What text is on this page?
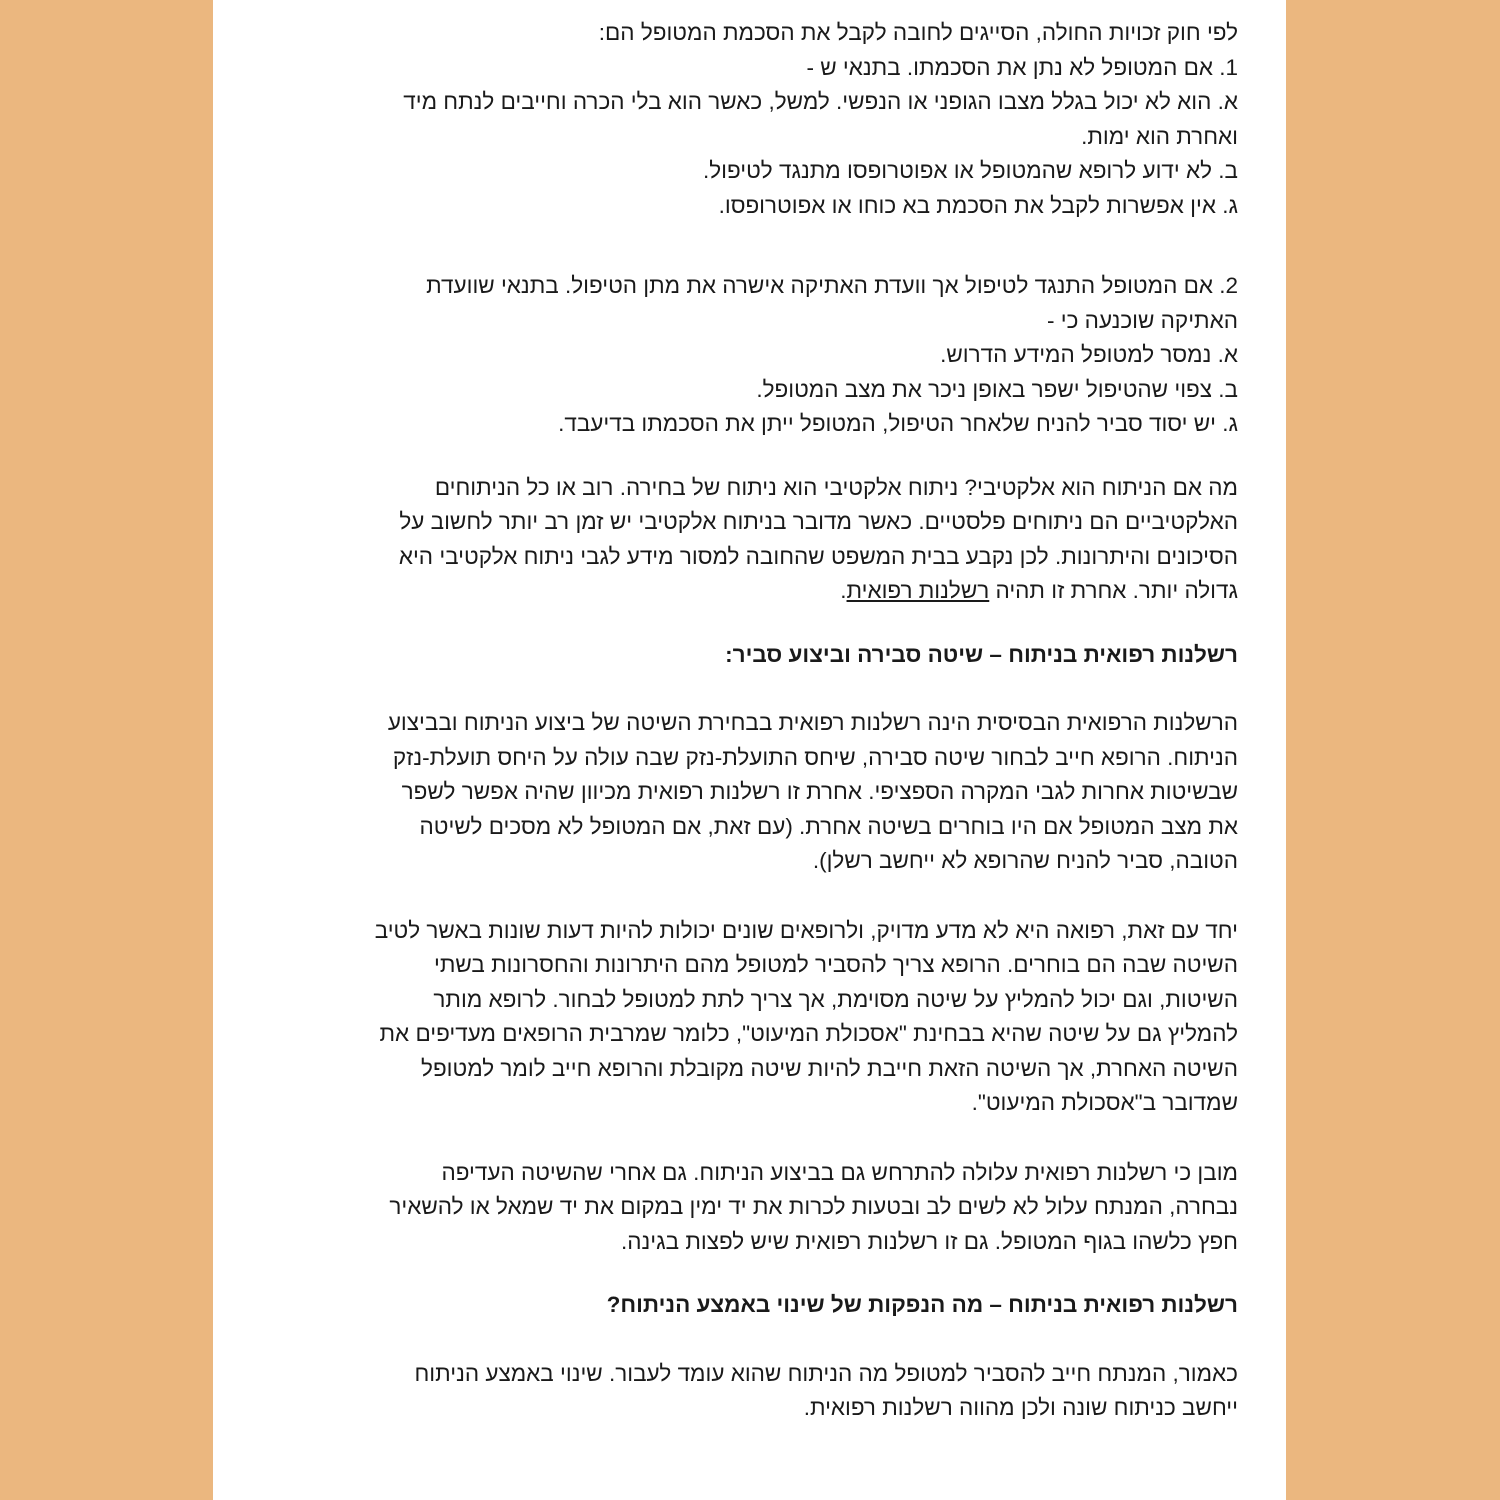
לפי חוק זכויות החולה, הסייגים לחובה לקבל את הסכמת המטופל הם:
1. אם המטופל לא נתן את הסכמתו. בתנאי ש -
א. הוא לא יכול בגלל מצבו הגופני או הנפשי. למשל, כאשר הוא בלי הכרה וחייבים לנתח מיד
ואחרת הוא ימות.
ב. לא ידוע לרופא שהמטופל או אפוטרופסו מתנגד לטיפול.
ג. אין אפשרות לקבל את הסכמת בא כוחו או אפוטרופסו.
2. אם המטופל התנגד לטיפול אך וועדת האתיקה אישרה את מתן הטיפול. בתנאי שוועדת
האתיקה שוכנעה כי -
א. נמסר למטופל המידע הדרוש.
ב. צפוי שהטיפול ישפר באופן ניכר את מצב המטופל.
ג. יש יסוד סביר להניח שלאחר הטיפול, המטופל ייתן את הסכמתו בדיעבד.
מה אם הניתוח הוא אלקטיבי? ניתוח אלקטיבי הוא ניתוח של בחירה. רוב או כל הניתוחים
האלקטיביים הם ניתוחים פלסטיים. כאשר מדובר בניתוח אלקטיבי יש זמן רב יותר לחשוב על
הסיכונים והיתרונות. לכן נקבע בבית המשפט שהחובה למסור מידע לגבי ניתוח אלקטיבי היא
גדולה יותר. אחרת זו תהיה רשלנות רפואית.
רשלנות רפואית בניתוח – שיטה סבירה וביצוע סביר:
הרשלנות הרפואית הבסיסית הינה רשלנות רפואית בבחירת השיטה של ביצוע הניתוח ובביצוע
הניתוח. הרופא חייב לבחור שיטה סבירה, שיחס התועלת-נזק שבה עולה על היחס תועלת-נזק
שבשיטות אחרות לגבי המקרה הספציפי. אחרת זו רשלנות רפואית מכיוון שהיה אפשר לשפר
את מצב המטופל אם היו בוחרים בשיטה אחרת. (עם זאת, אם המטופל לא מסכים לשיטה
הטובה, סביר להניח שהרופא לא ייחשב רשלן).
יחד עם זאת, רפואה היא לא מדע מדויק, ולרופאים שונים יכולות להיות דעות שונות באשר לטיב
השיטה שבה הם בוחרים. הרופא צריך להסביר למטופל מהם היתרונות והחסרונות בשתי
השיטות, וגם יכול להמליץ על שיטה מסוימת, אך צריך לתת למטופל לבחור. לרופא מותר
להמליץ גם על שיטה שהיא בבחינת "אסכולת המיעוט", כלומר שמרבית הרופאים מעדיפים את
השיטה האחרת, אך השיטה הזאת חייבת להיות שיטה מקובלת והרופא חייב לומר למטופל
שמדובר ב"אסכולת המיעוט".
מובן כי רשלנות רפואית עלולה להתרחש גם בביצוע הניתוח. גם אחרי שהשיטה העדיפה
נבחרה, המנתח עלול לא לשים לב ובטעות לכרות את יד ימין במקום את יד שמאל או להשאיר
חפץ כלשהו בגוף המטופל. גם זו רשלנות רפואית שיש לפצות בגינה.
רשלנות רפואית בניתוח – מה הנפקות של שינוי באמצע הניתוח?
כאמור, המנתח חייב להסביר למטופל מה הניתוח שהוא עומד לעבור. שינוי באמצע הניתוח
ייחשב כניתוח שונה ולכן מהווה רשלנות רפואית.
